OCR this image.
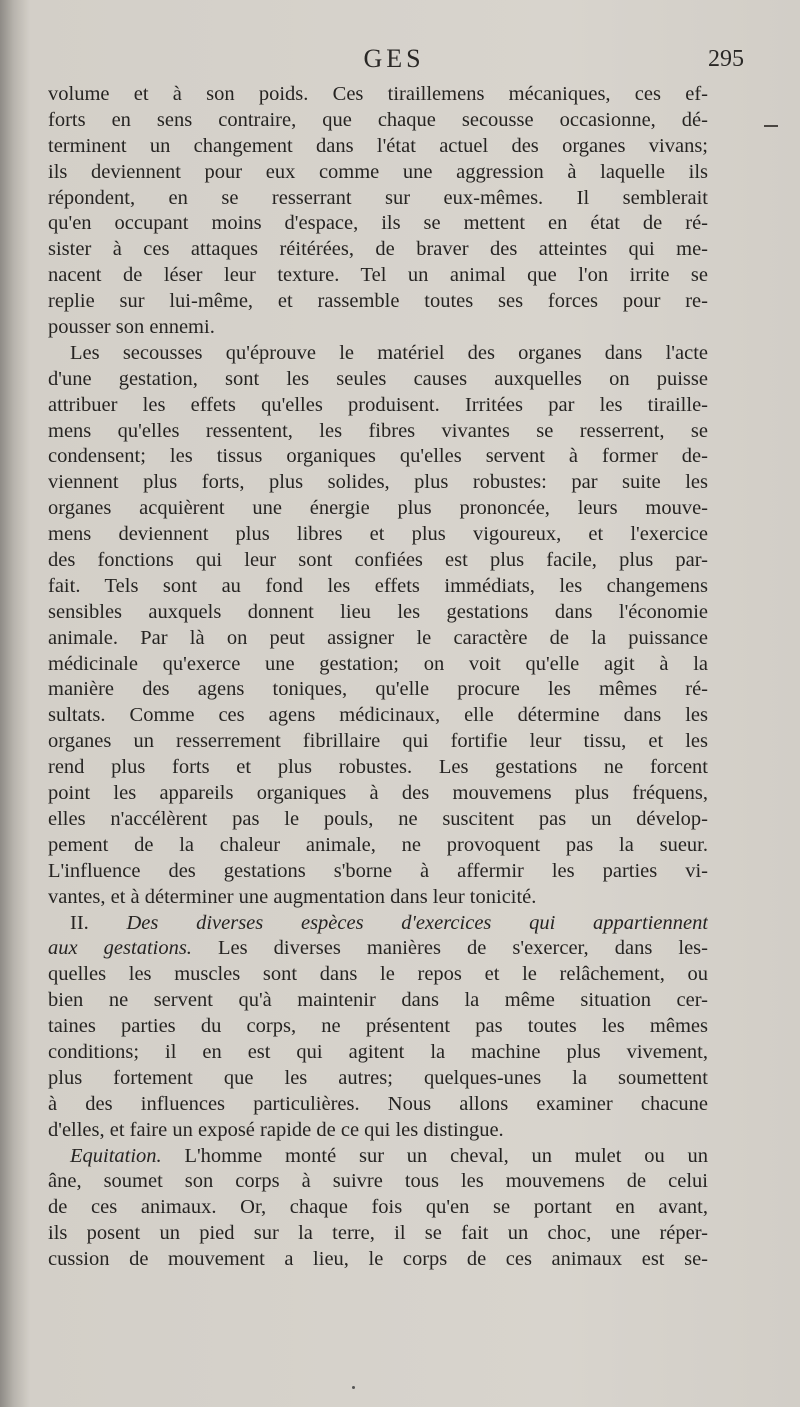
GES	295
volume et à son poids. Ces tiraillemens mécaniques, ces ef-
forts en sens contraire, que chaque secousse occasionne, dé-
terminent un changement dans l'état actuel des organes vivans;
ils deviennent pour eux comme une aggression à laquelle ils
répondent, en se resserrant sur eux-mêmes. Il semblerait
qu'en occupant moins d'espace, ils se mettent en état de ré-
sister à ces attaques réitérées, de braver des atteintes qui me-
nacent de léser leur texture. Tel un animal que l'on irrite se
replie sur lui-même, et rassemble toutes ses forces pour re-
pousser son ennemi.
Les secousses qu'éprouve le matériel des organes dans l'acte
d'une gestation, sont les seules causes auxquelles on puisse
attribuer les effets qu'elles produisent. Irritées par les tiraille-
mens qu'elles ressentent, les fibres vivantes se resserrent, se
condensent; les tissus organiques qu'elles servent à former de-
viennent plus forts, plus solides, plus robustes: par suite les
organes acquièrent une énergie plus prononcée, leurs mouve-
mens deviennent plus libres et plus vigoureux, et l'exercice
des fonctions qui leur sont confiées est plus facile, plus par-
fait. Tels sont au fond les effets immédiats, les changemens
sensibles auxquels donnent lieu les gestations dans l'économie
animale. Par là on peut assigner le caractère de la puissance
médicinale qu'exerce une gestation; on voit qu'elle agit à la
manière des agens toniques, qu'elle procure les mêmes ré-
sultats. Comme ces agens médicinaux, elle détermine dans les
organes un resserrement fibrillaire qui fortifie leur tissu, et les
rend plus forts et plus robustes. Les gestations ne forcent
point les appareils organiques à des mouvemens plus fréquens,
elles n'accélèrent pas le pouls, ne suscitent pas un dévelop-
pement de la chaleur animale, ne provoquent pas la sueur.
L'influence des gestations s'borne à affermir les parties vi-
vantes, et à déterminer une augmentation dans leur tonicité.
II. Des diverses espèces d'exercices qui appartiennent
aux gestations. Les diverses manières de s'exercer, dans les-
quelles les muscles sont dans le repos et le relâchement, ou
bien ne servent qu'à maintenir dans la même situation cer-
taines parties du corps, ne présentent pas toutes les mêmes
conditions; il en est qui agitent la machine plus vivement,
plus fortement que les autres; quelques-unes la soumettent
à des influences particulières. Nous allons examiner chacune
d'elles, et faire un exposé rapide de ce qui les distingue.
Equitation. L'homme monté sur un cheval, un mulet ou un
âne, soumet son corps à suivre tous les mouvemens de celui
de ces animaux. Or, chaque fois qu'en se portant en avant,
ils posent un pied sur la terre, il se fait un choc, une réper-
cussion de mouvement a lieu, le corps de ces animaux est se-
